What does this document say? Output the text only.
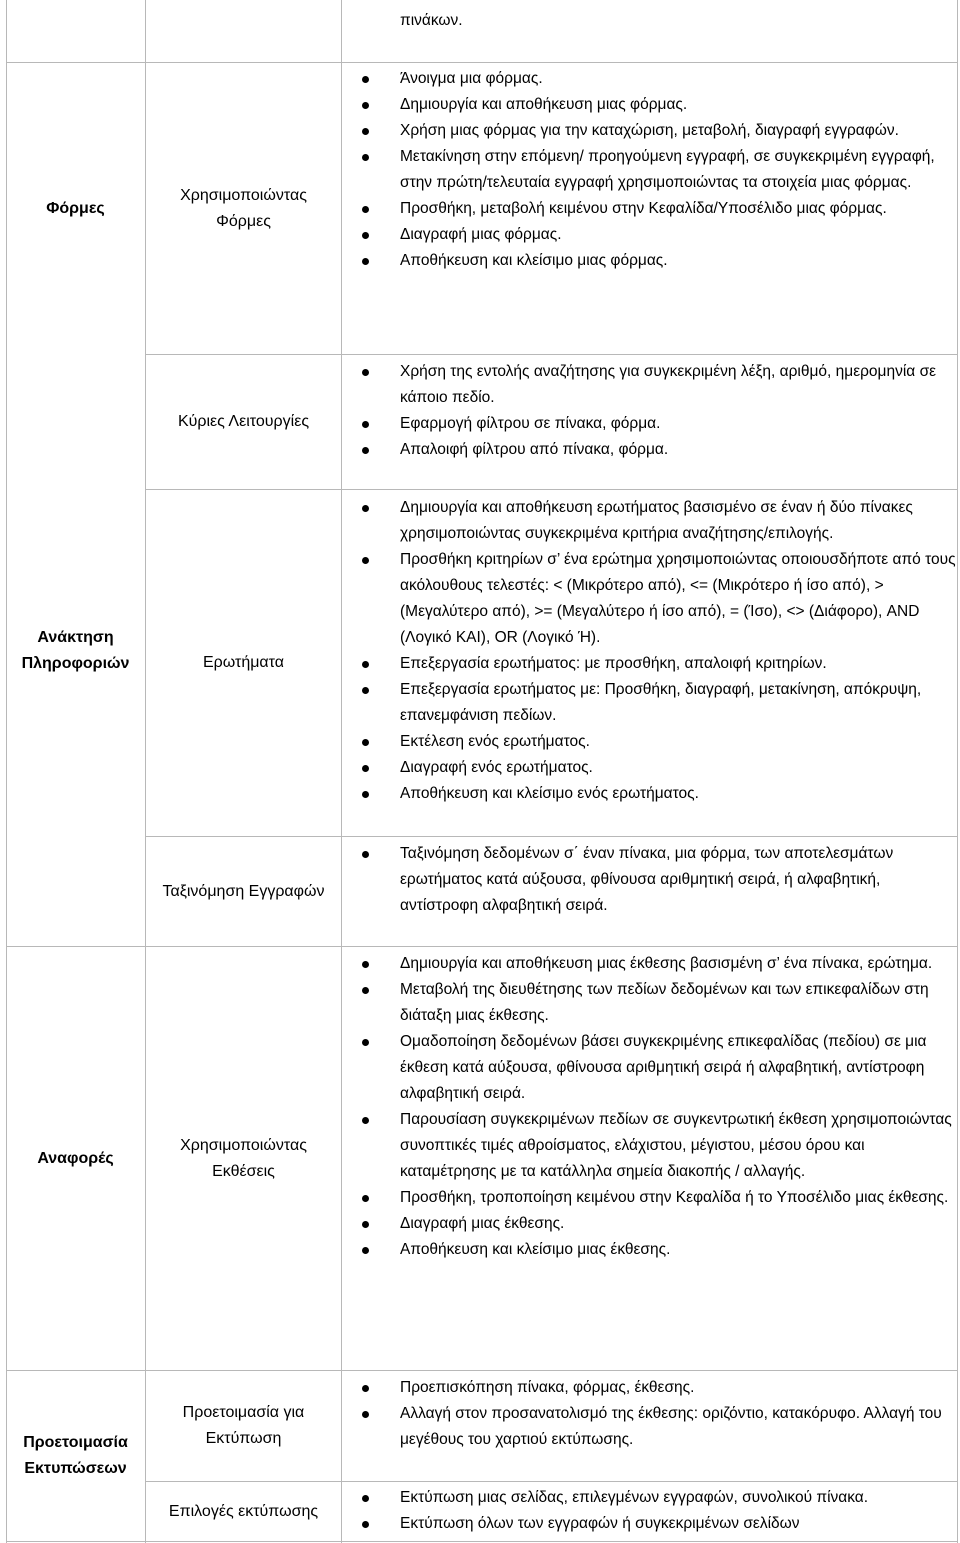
πινάκων.
Φόρμες
Χρησιμοποιώντας Φόρμες
Άνοιγμα μια φόρμας.
Δημιουργία και αποθήκευση μιας φόρμας.
Χρήση μιας φόρμας για την καταχώριση, μεταβολή, διαγραφή εγγραφών.
Μετακίνηση στην επόμενη/ προηγούμενη εγγραφή, σε συγκεκριμένη εγγραφή, στην πρώτη/τελευταία εγγραφή χρησιμοποιώντας τα στοιχεία μιας φόρμας.
Προσθήκη, μεταβολή κειμένου στην Κεφαλίδα/Υποσέλιδο μιας φόρμας.
Διαγραφή μιας φόρμας.
Αποθήκευση και κλείσιμο μιας φόρμας.
Ανάκτηση Πληροφοριών
Κύριες Λειτουργίες
Χρήση της εντολής αναζήτησης για συγκεκριμένη λέξη, αριθμό, ημερομηνία σε κάποιο πεδίο.
Εφαρμογή φίλτρου σε πίνακα, φόρμα.
Απαλοιφή φίλτρου από πίνακα, φόρμα.
Ερωτήματα
Δημιουργία και αποθήκευση ερωτήματος βασισμένο σε έναν ή δύο πίνακες χρησιμοποιώντας συγκεκριμένα κριτήρια αναζήτησης/επιλογής.
Προσθήκη κριτηρίων σ’ ένα ερώτημα χρησιμοποιώντας οποιουσδήποτε από τους ακόλουθους τελεστές: < (Μικρότερο από), <= (Μικρότερο ή ίσο από), > (Μεγαλύτερο από), >= (Μεγαλύτερο ή ίσο από), = (Ίσο), <> (Διάφορο), AND (Λογικό ΚΑΙ), OR (Λογικό Ή).
Επεξεργασία ερωτήματος: με προσθήκη, απαλοιφή κριτηρίων.
Επεξεργασία ερωτήματος με: Προσθήκη, διαγραφή, μετακίνηση, απόκρυψη, επανεμφάνιση πεδίων.
Εκτέλεση ενός ερωτήματος.
Διαγραφή ενός ερωτήματος.
Αποθήκευση και κλείσιμο ενός ερωτήματος.
Ταξινόμηση Εγγραφών
Ταξινόμηση δεδομένων σ΄ έναν πίνακα, μια φόρμα, των αποτελεσμάτων ερωτήματος κατά αύξουσα, φθίνουσα αριθμητική σειρά, ή αλφαβητική, αντίστροφη αλφαβητική σειρά.
Αναφορές
Χρησιμοποιώντας Εκθέσεις
Δημιουργία και αποθήκευση μιας έκθεσης βασισμένη σ’ ένα πίνακα, ερώτημα.
Μεταβολή της διευθέτησης των πεδίων δεδομένων και των επικεφαλίδων στη διάταξη μιας έκθεσης.
Ομαδοποίηση δεδομένων βάσει συγκεκριμένης επικεφαλίδας (πεδίου) σε μια έκθεση κατά αύξουσα, φθίνουσα αριθμητική σειρά ή αλφαβητική, αντίστροφη αλφαβητική σειρά.
Παρουσίαση συγκεκριμένων πεδίων σε συγκεντρωτική έκθεση χρησιμοποιώντας συνοπτικές τιμές αθροίσματος, ελάχιστου, μέγιστου, μέσου όρου και καταμέτρησης με τα κατάλληλα σημεία διακοπής / αλλαγής.
Προσθήκη, τροποποίηση κειμένου στην Κεφαλίδα ή το Υποσέλιδο μιας έκθεσης.
Διαγραφή μιας έκθεσης.
Αποθήκευση και κλείσιμο μιας έκθεσης.
Προετοιμασία Εκτυπώσεων
Προετοιμασία για Εκτύπωση
Προεπισκόπηση πίνακα, φόρμας, έκθεσης.
Αλλαγή στον προσανατολισμό της έκθεσης: οριζόντιο, κατακόρυφο. Αλλαγή του μεγέθους του χαρτιού εκτύπωσης.
Επιλογές εκτύπωσης
Εκτύπωση μιας σελίδας, επιλεγμένων εγγραφών, συνολικού πίνακα.
Εκτύπωση όλων των εγγραφών ή συγκεκριμένων σελίδων
